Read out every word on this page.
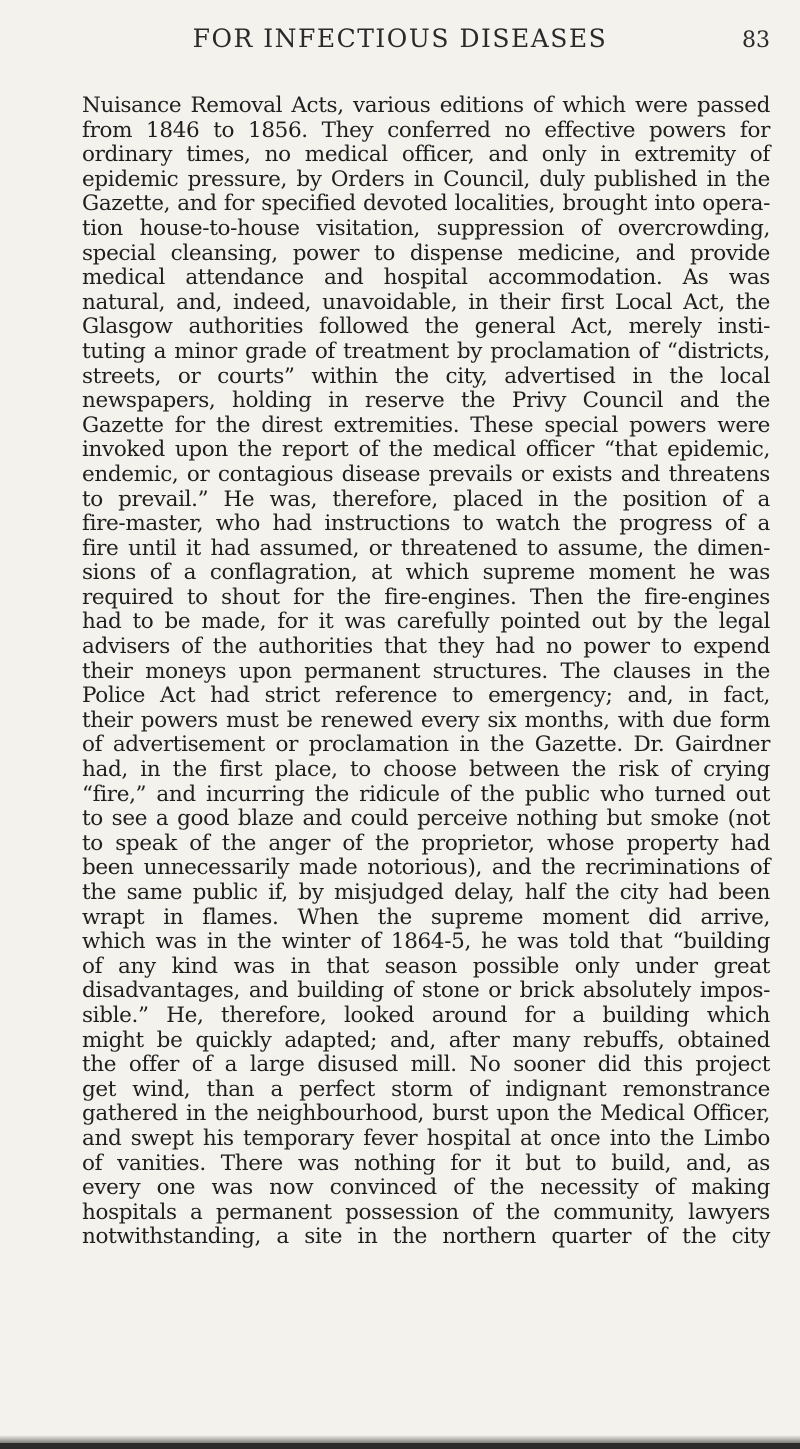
FOR INFECTIOUS DISEASES	83
Nuisance Removal Acts, various editions of which were passed
from 1846 to 1856. They conferred no effective powers for
ordinary times, no medical officer, and only in extremity of
epidemic pressure, by Orders in Council, duly published in the
Gazette, and for specified devoted localities, brought into opera-
tion house-to-house visitation, suppression of overcrowding,
special cleansing, power to dispense medicine, and provide
medical attendance and hospital accommodation. As was
natural, and, indeed, unavoidable, in their first Local Act, the
Glasgow authorities followed the general Act, merely insti-
tuting a minor grade of treatment by proclamation of “districts,
streets, or courts” within the city, advertised in the local
newspapers, holding in reserve the Privy Council and the
Gazette for the direst extremities. These special powers were
invoked upon the report of the medical officer “that epidemic,
endemic, or contagious disease prevails or exists and threatens
to prevail.” He was, therefore, placed in the position of a
fire-master, who had instructions to watch the progress of a
fire until it had assumed, or threatened to assume, the dimen-
sions of a conflagration, at which supreme moment he was
required to shout for the fire-engines. Then the fire-engines
had to be made, for it was carefully pointed out by the legal
advisers of the authorities that they had no power to expend
their moneys upon permanent structures. The clauses in the
Police Act had strict reference to emergency; and, in fact,
their powers must be renewed every six months, with due form
of advertisement or proclamation in the Gazette. Dr. Gairdner
had, in the first place, to choose between the risk of crying
“fire,” and incurring the ridicule of the public who turned out
to see a good blaze and could perceive nothing but smoke (not
to speak of the anger of the proprietor, whose property had
been unnecessarily made notorious), and the recriminations of
the same public if, by misjudged delay, half the city had been
wrapt in flames. When the supreme moment did arrive,
which was in the winter of 1864-5, he was told that “building
of any kind was in that season possible only under great
disadvantages, and building of stone or brick absolutely impos-
sible.” He, therefore, looked around for a building which
might be quickly adapted; and, after many rebuffs, obtained
the offer of a large disused mill. No sooner did this project
get wind, than a perfect storm of indignant remonstrance
gathered in the neighbourhood, burst upon the Medical Officer,
and swept his temporary fever hospital at once into the Limbo
of vanities. There was nothing for it but to build, and, as
every one was now convinced of the necessity of making
hospitals a permanent possession of the community, lawyers
notwithstanding, a site in the northern quarter of the city
